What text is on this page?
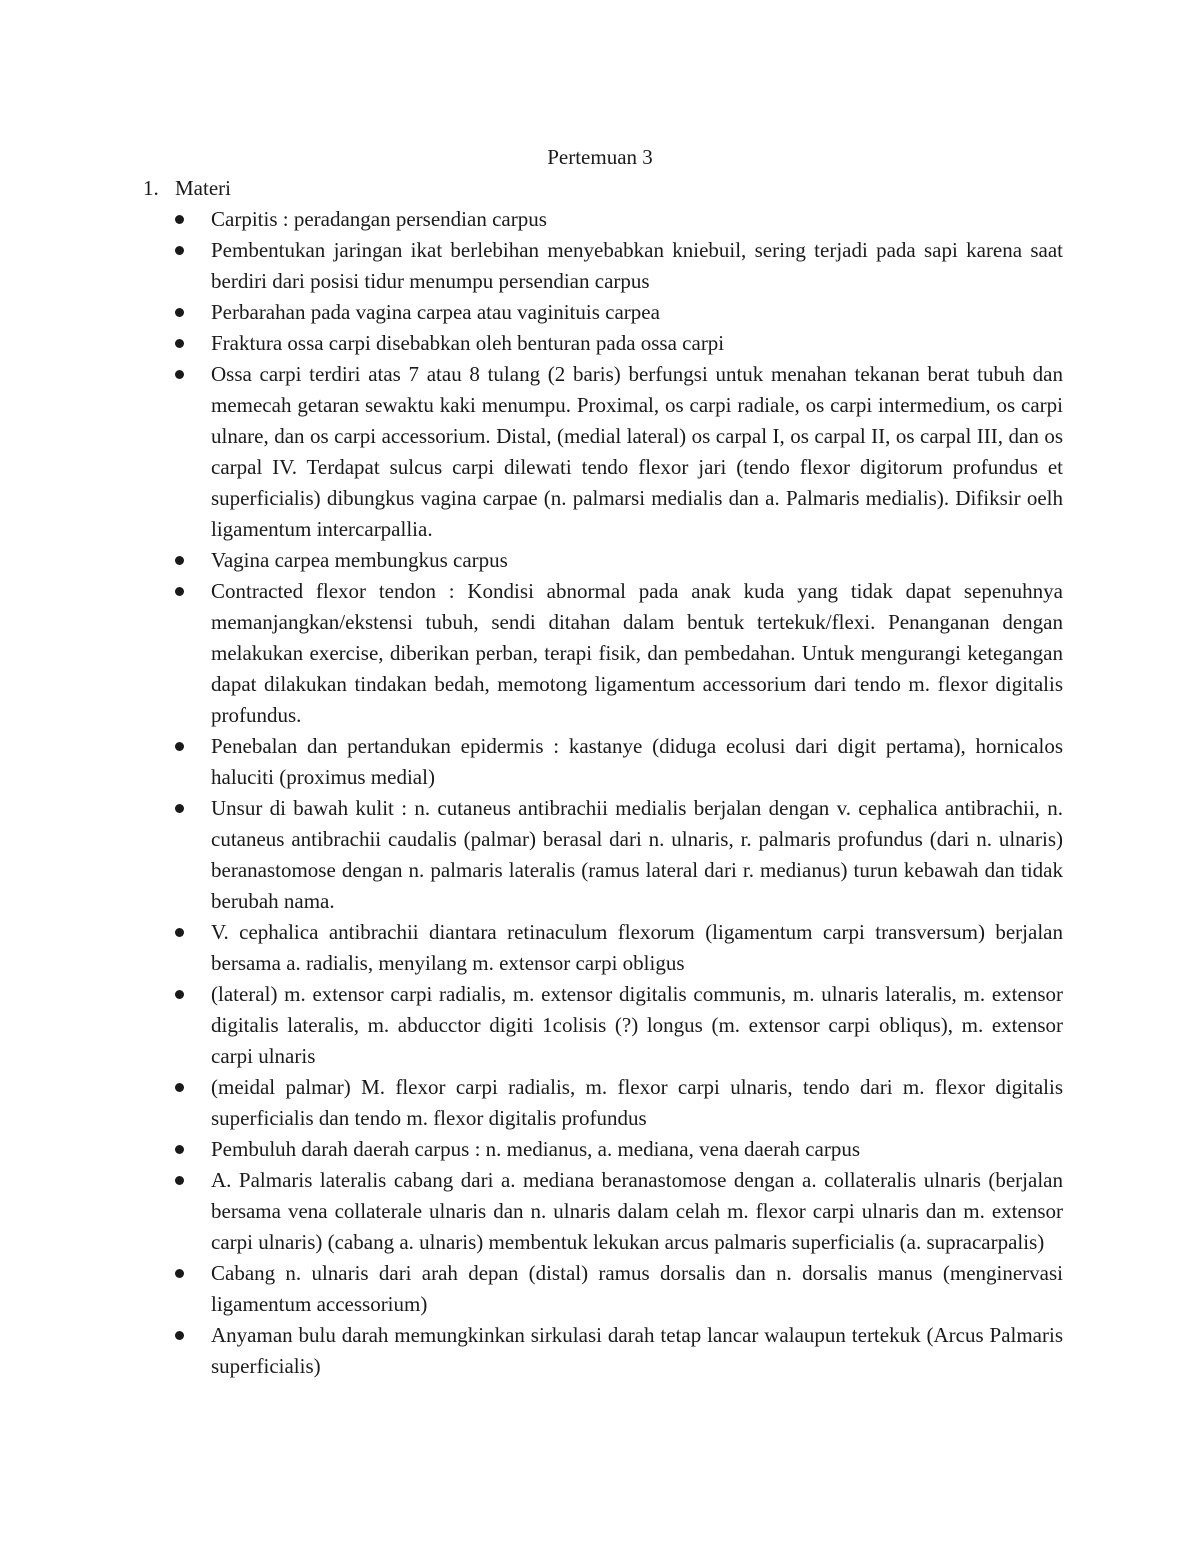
Pertemuan 3
1. Materi
Carpitis : peradangan persendian carpus
Pembentukan jaringan ikat berlebihan menyebabkan kniebuil, sering terjadi pada sapi karena saat berdiri dari posisi tidur menumpu persendian carpus
Perbarahan pada vagina carpea atau vaginituis carpea
Fraktura ossa carpi disebabkan oleh benturan pada ossa carpi
Ossa carpi terdiri atas 7 atau 8 tulang (2 baris) berfungsi untuk menahan tekanan berat tubuh dan memecah getaran sewaktu kaki menumpu. Proximal, os carpi radiale, os carpi intermedium, os carpi ulnare, dan os carpi accessorium. Distal, (medial lateral) os carpal I, os carpal II, os carpal III, dan os carpal IV. Terdapat sulcus carpi dilewati tendo flexor jari (tendo flexor digitorum profundus et superficialis) dibungkus vagina carpae (n. palmarsi medialis dan a. Palmaris medialis). Difiksir oelh ligamentum intercarpallia.
Vagina carpea membungkus carpus
Contracted flexor tendon : Kondisi abnormal pada anak kuda yang tidak dapat sepenuhnya memanjangkan/ekstensi tubuh, sendi ditahan dalam bentuk tertekuk/flexi. Penanganan dengan melakukan exercise, diberikan perban, terapi fisik, dan pembedahan. Untuk mengurangi ketegangan dapat dilakukan tindakan bedah, memotong ligamentum accessorium dari tendo m. flexor digitalis profundus.
Penebalan dan pertandukan epidermis : kastanye (diduga ecolusi dari digit pertama), hornicalos haluciti (proximus medial)
Unsur di bawah kulit : n. cutaneus antibrachii medialis berjalan dengan v. cephalica antibrachii, n. cutaneus antibrachii caudalis (palmar) berasal dari n. ulnaris, r. palmaris profundus (dari n. ulnaris) beranastomose dengan n. palmaris lateralis (ramus lateral dari r. medianus) turun kebawah dan tidak berubah nama.
V. cephalica antibrachii diantara retinaculum flexorum (ligamentum carpi transversum) berjalan bersama a. radialis, menyilang m. extensor carpi obligus
(lateral) m. extensor carpi radialis, m. extensor digitalis communis, m. ulnaris lateralis, m. extensor digitalis lateralis, m. abducctor digiti 1colisis (?) longus (m. extensor carpi obliqus), m. extensor carpi ulnaris
(meidal palmar) M. flexor carpi radialis, m. flexor carpi ulnaris, tendo dari m. flexor digitalis superficialis dan tendo m. flexor digitalis profundus
Pembuluh darah daerah carpus : n. medianus, a. mediana, vena daerah carpus
A. Palmaris lateralis cabang dari a. mediana beranastomose dengan a. collateralis ulnaris (berjalan bersama vena collaterale ulnaris dan n. ulnaris dalam celah m. flexor carpi ulnaris dan m. extensor carpi ulnaris) (cabang a. ulnaris) membentuk lekukan arcus palmaris superficialis (a. supracarpalis)
Cabang n. ulnaris dari arah depan (distal) ramus dorsalis dan n. dorsalis manus (menginervasi ligamentum accessorium)
Anyaman bulu darah memungkinkan sirkulasi darah tetap lancar walaupun tertekuk (Arcus Palmaris superficialis)
